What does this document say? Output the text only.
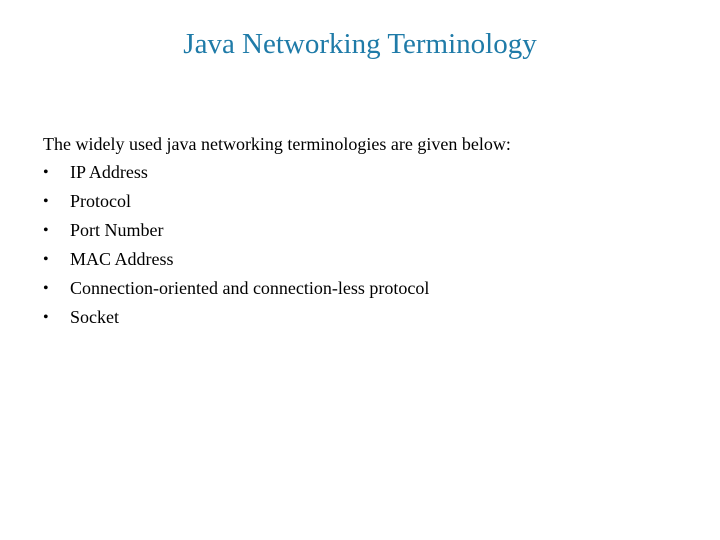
Java Networking Terminology
The widely used java networking terminologies are given below:
•	IP Address
•	Protocol
•	Port Number
•	MAC Address
•	Connection-oriented and connection-less protocol
•	Socket
